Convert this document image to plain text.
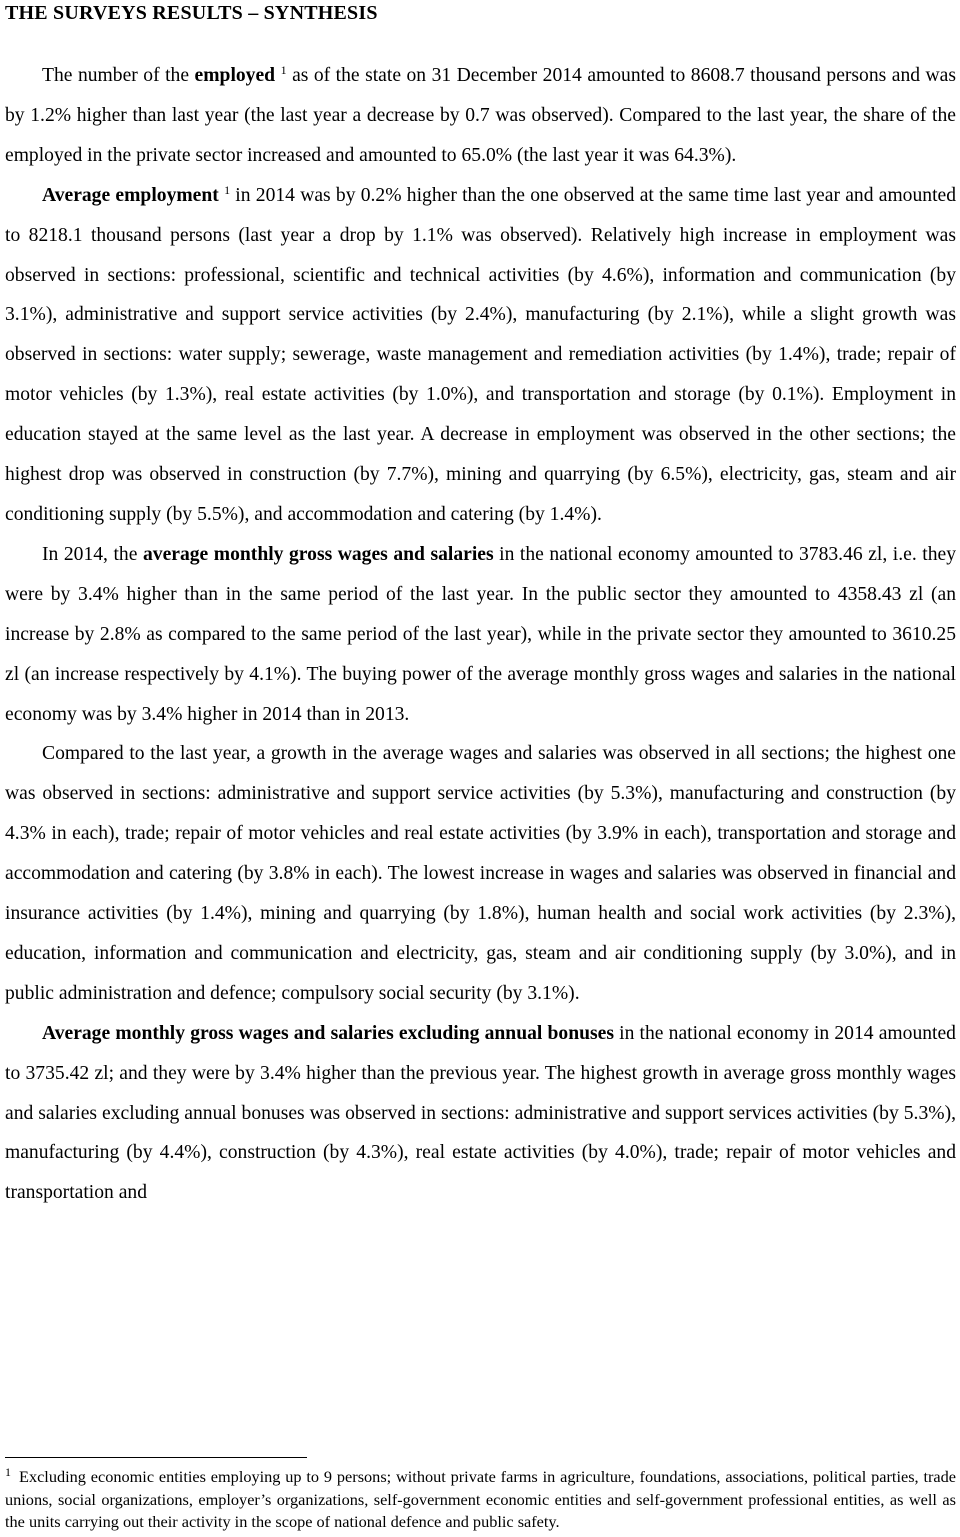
THE SURVEYS RESULTS – SYNTHESIS

The number of the employed $^1$ as of the state on 31 December 2014 amounted to 8608.7 thousand persons and was by 1.2% higher than last year (the last year a decrease by 0.7 was observed). Compared to the last year, the share of the employed in the private sector increased and amounted to 65.0% (the last year it was 64.3%).

Average employment $^1$ in 2014 was by 0.2% higher than the one observed at the same time last year and amounted to 8218.1 thousand persons (last year a drop by 1.1% was observed). Relatively high increase in employment was observed in sections: professional, scientific and technical activities (by 4.6%), information and communication (by 3.1%), administrative and support service activities (by 2.4%), manufacturing (by 2.1%), while a slight growth was observed in sections: water supply; sewerage, waste management and remediation activities (by 1.4%), trade; repair of motor vehicles (by 1.3%), real estate activities (by 1.0%), and transportation and storage (by 0.1%). Employment in education stayed at the same level as the last year. A decrease in employment was observed in the other sections; the highest drop was observed in construction (by 7.7%), mining and quarrying (by 6.5%), electricity, gas, steam and air conditioning supply (by 5.5%), and accommodation and catering (by 1.4%).

In 2014, the average monthly gross wages and salaries in the national economy amounted to 3783.46 zl, i.e. they were by 3.4% higher than in the same period of the last year. In the public sector they amounted to 4358.43 zl (an increase by 2.8% as compared to the same period of the last year), while in the private sector they amounted to 3610.25 zl (an increase respectively by 4.1%). The buying power of the average monthly gross wages and salaries in the national economy was by 3.4% higher in 2014 than in 2013.

Compared to the last year, a growth in the average wages and salaries was observed in all sections; the highest one was observed in sections: administrative and support service activities (by 5.3%), manufacturing and construction (by 4.3% in each), trade; repair of motor vehicles and real estate activities (by 3.9% in each), transportation and storage and accommodation and catering (by 3.8% in each). The lowest increase in wages and salaries was observed in financial and insurance activities (by 1.4%), mining and quarrying (by 1.8%), human health and social work activities (by 2.3%), education, information and communication and electricity, gas, steam and air conditioning supply (by 3.0%), and in public administration and defence; compulsory social security (by 3.1%).

Average monthly gross wages and salaries excluding annual bonuses in the national economy in 2014 amounted to 3735.42 zl; and they were by 3.4% higher than the previous year. The highest growth in average gross monthly wages and salaries excluding annual bonuses was observed in sections: administrative and support services activities (by 5.3%), manufacturing (by 4.4%), construction (by 4.3%), real estate activities (by 4.0%), trade; repair of motor vehicles and transportation and

$^1$ Excluding economic entities employing up to 9 persons; without private farms in agriculture, foundations, associations, political parties, trade unions, social organizations, employer’s organizations, self-government economic entities and self-government professional entities, as well as the units carrying out their activity in the scope of national defence and public safety.
